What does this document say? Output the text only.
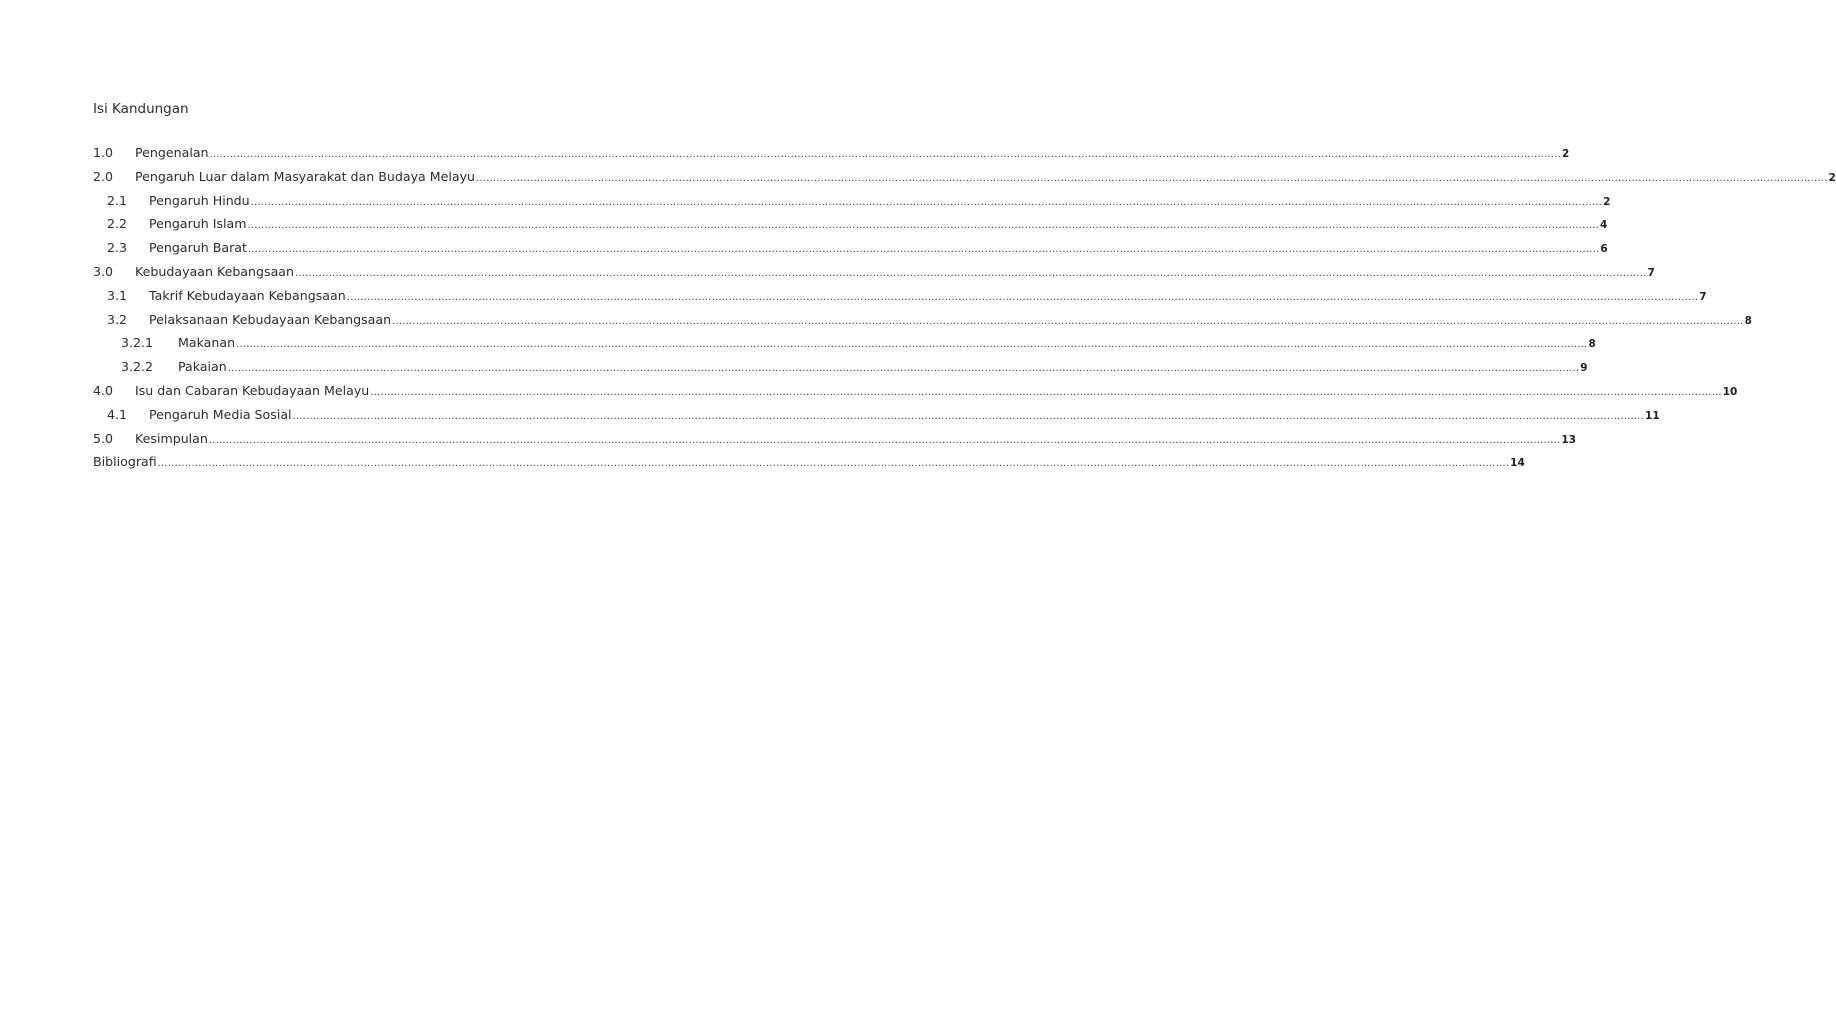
Isi Kandungan
1.0 Pengenalan ................................................................................................................................................................................................................................................................................................................................................................................................................ 2
2.0 Pengaruh Luar dalam Masyarakat dan Budaya Melayu ................................................................................................................................................................................................................................................................................................................................................................................................................ 2
2.1 Pengaruh Hindu ................................................................................................................................................................................................................................................................................................................................................................................................................ 2
2.2 Pengaruh Islam ................................................................................................................................................................................................................................................................................................................................................................................................................ 4
2.3 Pengaruh Barat ................................................................................................................................................................................................................................................................................................................................................................................................................ 6
3.0 Kebudayaan Kebangsaan ................................................................................................................................................................................................................................................................................................................................................................................................................ 7
3.1 Takrif Kebudayaan Kebangsaan ................................................................................................................................................................................................................................................................................................................................................................................................................ 7
3.2 Pelaksanaan Kebudayaan Kebangsaan ................................................................................................................................................................................................................................................................................................................................................................................................................ 8
3.2.1 Makanan ................................................................................................................................................................................................................................................................................................................................................................................................................ 8
3.2.2 Pakaian ................................................................................................................................................................................................................................................................................................................................................................................................................ 9
4.0 Isu dan Cabaran Kebudayaan Melayu ................................................................................................................................................................................................................................................................................................................................................................................................................ 10
4.1 Pengaruh Media Sosial ................................................................................................................................................................................................................................................................................................................................................................................................................ 11
5.0 Kesimpulan ................................................................................................................................................................................................................................................................................................................................................................................................................ 13
Bibliografi ................................................................................................................................................................................................................................................................................................................................................................................................................ 14
